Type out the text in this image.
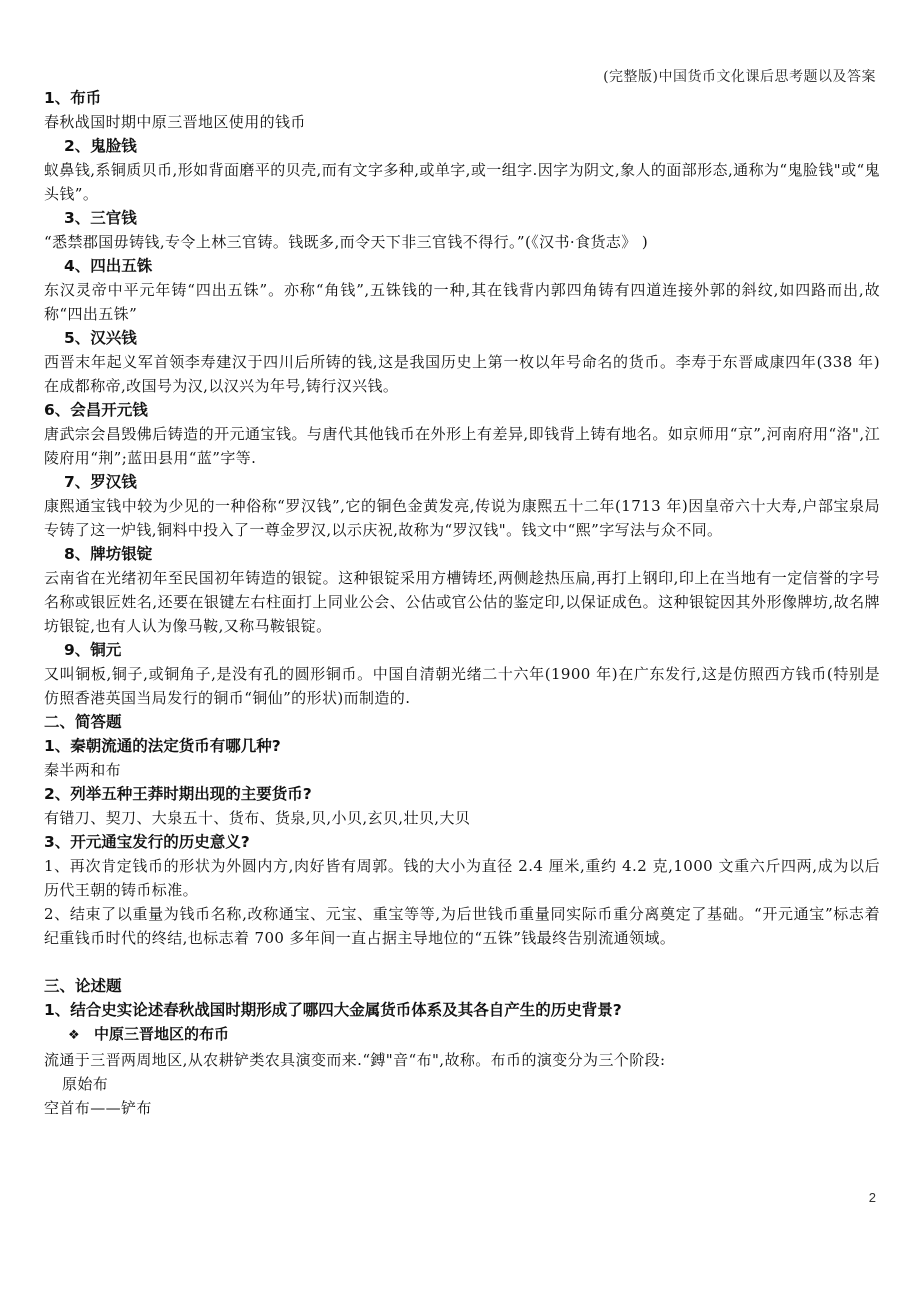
(完整版)中国货币文化课后思考题以及答案

1、布币

春秋战国时期中原三晋地区使用的钱币

2、鬼脸钱

蚁鼻钱,系铜质贝币,形如背面磨平的贝壳,而有文字多种,或单字,或一组字.因字为阴文,象人的面部形态,通称为“鬼脸钱"或“鬼头钱”。

3、三官钱

“悉禁郡国毋铸钱,专令上林三官铸。钱既多,而令天下非三官钱不得行。”(《汉书·食货志》 )

4、四出五铢

东汉灵帝中平元年铸“四出五铢”。亦称“角钱”,五铢钱的一种,其在钱背内郭四角铸有四道连接外郭的斜纹,如四路而出,故称“四出五铢”

5、汉兴钱

西晋末年起义军首领李寿建汉于四川后所铸的钱,这是我国历史上第一枚以年号命名的货币。李寿于东晋咸康四年(338 年)在成都称帝,改国号为汉,以汉兴为年号,铸行汉兴钱。

6、会昌开元钱

唐武宗会昌毁佛后铸造的开元通宝钱。与唐代其他钱币在外形上有差异,即钱背上铸有地名。如京师用“京”,河南府用“洛",江陵府用“荆”;蓝田县用“蓝”字等.

7、罗汉钱

康熙通宝钱中较为少见的一种俗称“罗汉钱”,它的铜色金黄发亮,传说为康熙五十二年(1713 年)因皇帝六十大寿,户部宝泉局专铸了这一炉钱,铜料中投入了一尊金罗汉,以示庆祝,故称为“罗汉钱"。钱文中“熙”字写法与众不同。

8、牌坊银锭

云南省在光绪初年至民国初年铸造的银锭。这种银锭采用方槽铸坯,两侧趁热压扁,再打上钢印,印上在当地有一定信誉的字号名称或银匠姓名,还要在银键左右柱面打上同业公会、公估或官公估的鉴定印,以保证成色。这种银锭因其外形像牌坊,故名牌坊银锭,也有人认为像马鞍,又称马鞍银锭。

9、铜元

又叫铜板,铜子,或铜角子,是没有孔的圆形铜币。中国自清朝光绪二十六年(1900 年)在广东发行,这是仿照西方钱币(特别是仿照香港英国当局发行的铜币“铜仙”的形状)而制造的.

二、简答题

1、秦朝流通的法定货币有哪几种?

秦半两和布

2、列举五种王莽时期出现的主要货币?

有错刀、契刀、大泉五十、货布、货泉,贝,小贝,玄贝,壮贝,大贝

3、开元通宝发行的历史意义?

1、再次肯定钱币的形状为外圆内方,肉好皆有周郭。钱的大小为直径 2.4 厘米,重约 4.2 克,1000 文重六斤四两,成为以后历代王朝的铸币标准。

2、结束了以重量为钱币名称,改称通宝、元宝、重宝等等,为后世钱币重量同实际币重分离奠定了基础。“开元通宝”标志着纪重钱币时代的终结,也标志着 700 多年间一直占据主导地位的“五铢”钱最终告别流通领域。

三、论述题

1、结合史实论述春秋战国时期形成了哪四大金属货币体系及其各自产生的历史背景?

❖ 中原三晋地区的布币

流通于三晋两周地区,从农耕铲类农具演变而来.“鎛"音“布",故称。布币的演变分为三个阶段:

原始布

空首布——铲布

2
